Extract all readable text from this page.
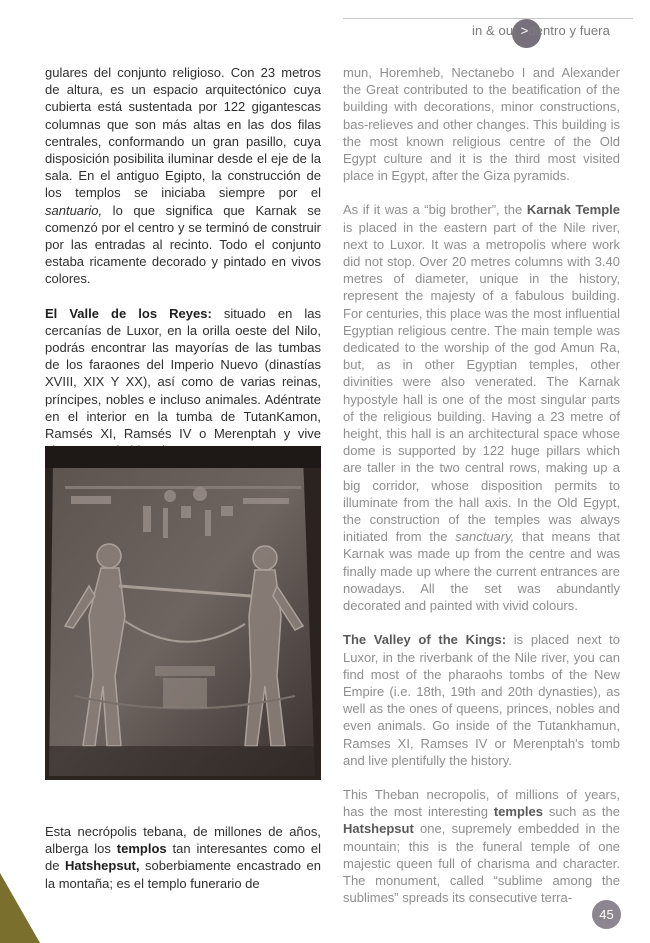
in & out >dentro y fuera

gulares del conjunto religioso. Con 23 metros de altura, es un espacio arquitectónico cuya cubierta está sustentada por 122 gigantescas columnas que son más altas en las dos filas centrales, conformando un gran pasillo, cuya disposición posibilita iluminar desde el eje de la sala. En el antiguo Egipto, la construcción de los templos se iniciaba siempre por el santuario, lo que significa que Karnak se comenzó por el centro y se terminó de construir por las entradas al recinto. Todo el conjunto estaba ricamente decorado y pintado en vivos colores.

El Valle de los Reyes: situado en las cercanías de Luxor, en la orilla oeste del Nilo, podrás encontrar las mayorías de las tumbas de los faraones del Imperio Nuevo (dinastías XVIII, XIX Y XX), así como de varias reinas, príncipes, nobles e incluso animales. Adéntrate en el interior en la tumba de TutanKamon, Ramsés XI, Ramsés IV o Merenptah y vive

Esta necrópolis tebana, de millones de años, alberga los templos tan interesantes como el de Hatshepsut, soberbiamente encastrado en la montaña; es el templo funerario de

mun, Horemheb, Nectanebo I and Alexander the Great contributed to the beatification of the building with decorations, minor constructions, bas-relieves and other changes. This building is the most known religious centre of the Old Egypt culture and it is the third most visited place in Egypt, after the Giza pyramids.

As if it was a “big brother”, the Karnak Temple is placed in the eastern part of the Nile river, next to Luxor. It was a metropolis where work did not stop. Over 20 metres columns with 3.40 metres of diameter, unique in the history, represent the majesty of a fabulous building. For centuries, this place was the most influential Egyptian religious centre. The main temple was dedicated to the worship of the god Amun Ra, but, as in other Egyptian temples, other divinities were also venerated. The Karnak hypostyle hall is one of the most singular parts of the religious building. Having a 23 metre of height, this hall is an architectural space whose dome is supported by 122 huge pillars which are taller in the two central rows, making up a big corridor, whose disposition permits to illuminate from the hall axis. In the Old Egypt, the construction of the temples was always initiated from the sanctuary, that means that Karnak was made up from the centre and was finally made up where the current entrances are nowadays. All the set was abundantly decorated and painted with vivid colours.

The Valley of the Kings: is placed next to Luxor, in the riverbank of the Nile river, you can find most of the pharaohs tombs of the New Empire (i.e. 18th, 19th and 20th dynasties), as well as the ones of queens, princes, nobles and even animals. Go inside of the Tutankhamun, Ramses XI, Ramses IV or Merenptah's tomb and live plentifully the history.

This Theban necropolis, of millions of years, has the most interesting temples such as the Hatshepsut one, supremely embedded in the mountain; this is the funeral temple of one majestic queen full of charisma and character. The monument, called “sublime among the sublimes” spreads its consecutive terra-

45
